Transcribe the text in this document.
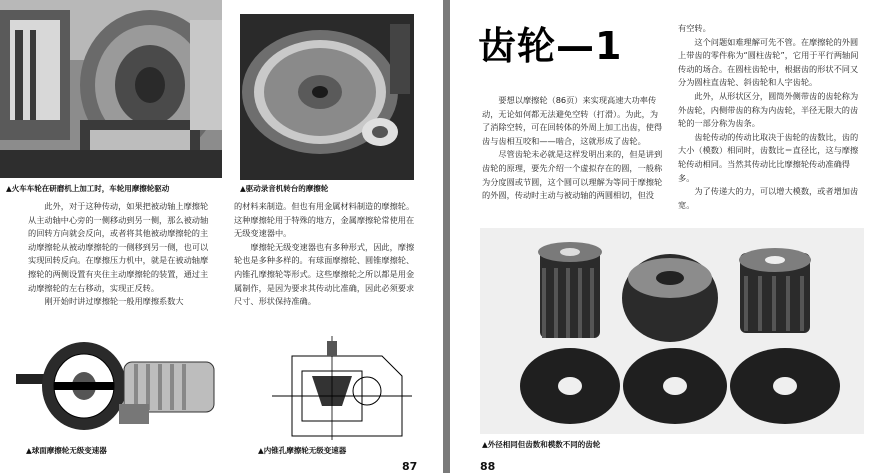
▲火车车轮在研磨机上加工时，车轮用摩擦轮驱动	▲驱动录音机转台的摩擦轮

此外，对于这种传动，如果把被动轴上摩擦轮从主动轴中心旁的一侧移动到另一侧，那么被动轴的回转方向就会反向，或者将其他被动摩擦轮的主动摩擦轮从被动摩擦轮的一侧移到另一侧，也可以实现回转反向。在摩擦压力机中，就是在被动轴摩擦轮的两侧设置有夹住主动摩擦轮的装置，通过主动摩擦轮的左右移动，实现正反转。

刚开始时讲过摩擦轮一般用摩擦系数大

的材料来制造。但也有用金属材料制造的摩擦轮。这种摩擦轮用于特殊的地方，金属摩擦轮常使用在无级变速器中。

摩擦轮无级变速器也有多种形式，因此，摩擦轮也是多种多样的。有球面摩擦轮、圆锥摩擦轮、内锥孔摩擦轮等形式。这些摩擦轮之所以都是用金属制作，是因为要求其传动比准确，因此必须要求尺寸、形状保持准确。

▲球面摩擦轮无级变速器	▲内锥孔摩擦轮无级变速器
87
齿轮—1

要想以摩擦轮（86页）来实现高速大功率传动，无论如何都无法避免空转（打滑）。为此，为了消除空转，可在回转体的外周上加工出齿，使得齿与齿相互咬和——啮合，这就形成了齿轮。

尽管齿轮未必就是这样发明出来的，但是讲到齿轮的原理，要先介绍一个虚拟存在的圆，一般称为分度圆或节圆，这个圆可以理解为等同于摩擦轮的外圆，传动时主动与被动轴的两圆相切，但没

有空转。

这个问题如难理解可先不管。在摩擦轮的外圆上带齿的零件称为“圆柱齿轮”，它用于平行两轴间传动的场合。在圆柱齿轮中，根据齿的形状不同又分为圆柱直齿轮、斜齿轮和人字齿轮。

此外，从形状区分，圆筒外侧带齿的齿轮称为外齿轮，内侧带齿的称为内齿轮，半径无限大的齿轮的一部分称为齿条。

齿轮传动的传动比取决于齿轮的齿数比，齿的大小（模数）相同时，齿数比＝直径比，这与摩擦轮传动相同。当然其传动比比摩擦轮传动准确得多。

为了传递大的力，可以增大模数，或者增加齿宽。

▲外径相同但齿数和模数不同的齿轮
88
